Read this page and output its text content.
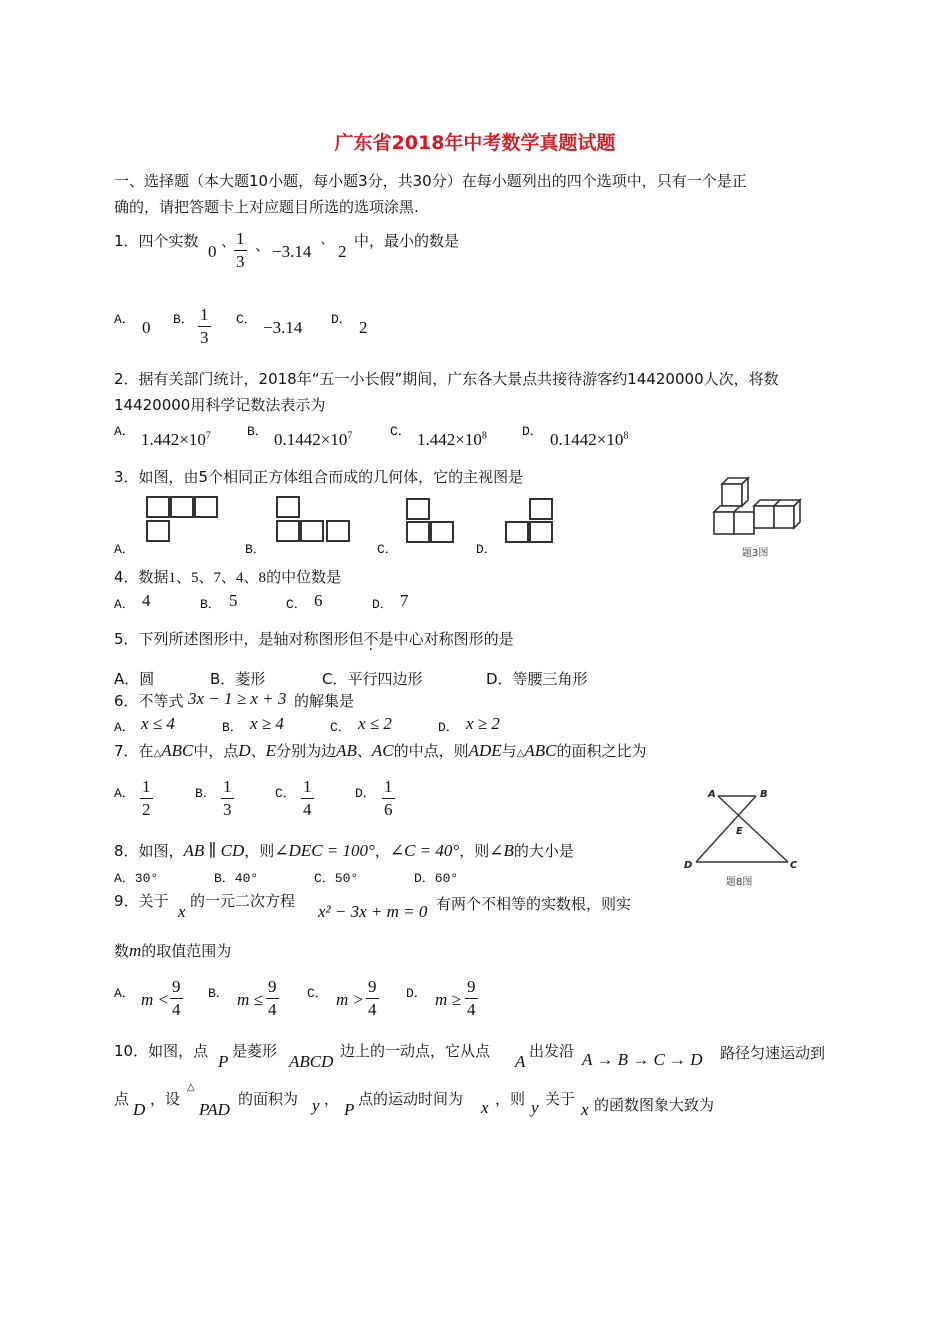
广东省2018年中考数学真题试题
一、选择题（本大题10小题，每小题3分，共30分）在每小题列出的四个选项中，只有一个是正
确的，请把答题卡上对应题目所选的选项涂黑.
1．四个实数
0
、
$\frac{1}{3}$ 、 −3.14 ` 2
中，最小的数是
A． 0 B． $\frac{1}{3}$ C． −3.14 D． 2
2．据有关部门统计，2018年“五一小长假”期间，广东各大景点共接待游客约14420000人次，将数
14420000用科学记数法表示为
A． $1.442\times 10^7$	B． $0.1442\times 10^7$	C． $1.442\times 10^8$	D． $0.1442\times 10^8$
3．如图，由5个相同正方体组合而成的几何体，它的主视图是
A．	B．	C．	D．	题3图
4．数据1、5、7、4、8的中位数是
A． 4	B． 5	C． 6	D． 7
5．下列所述图形中，是轴对称图形但不是中心对称图形的是
A．圆	B．菱形	C．平行四边形	D．等腰三角形
6．不等式 3x − 1 ≥ x + 3 的解集是
A． x ≤ 4	B． x ≥ 4	C． x ≤ 2	D． x ≥ 2
7．在△ABC中，点D、E分别为边AB、AC的中点，则ADE与△ABC的面积之比为
A． $\frac{1}{2}$	B． $\frac{1}{3}$	C． $\frac{1}{4}$	D． $\frac{1}{6}$	A	B
E
D	C
题8图
8．如图，AB ∥ CD，则∠DEC = 100°，∠C = 40°，则∠B的大小是
A．30°	B．40°	C．50°	D．60°
9．关于
x
的一元二次方程
x² − 3x + m = 0 有两个不相等的实数根，则实
数m的取值范围为
A． $m < \frac{9}{4}$ B． $m \le \frac{9}{4}$ C． $m > \frac{9}{4}$ D． $m \ge \frac{9}{4}$
10．如图，点
P
是菱形
ABCD
边上的一动点，它从点
A
出发沿 A → B → C → D 路径匀速运动到
点
D
，设
△
PAD
的面积为 y ，
P
点的运动时间为 x ，则 y 关于
x 的函数图象大致为
